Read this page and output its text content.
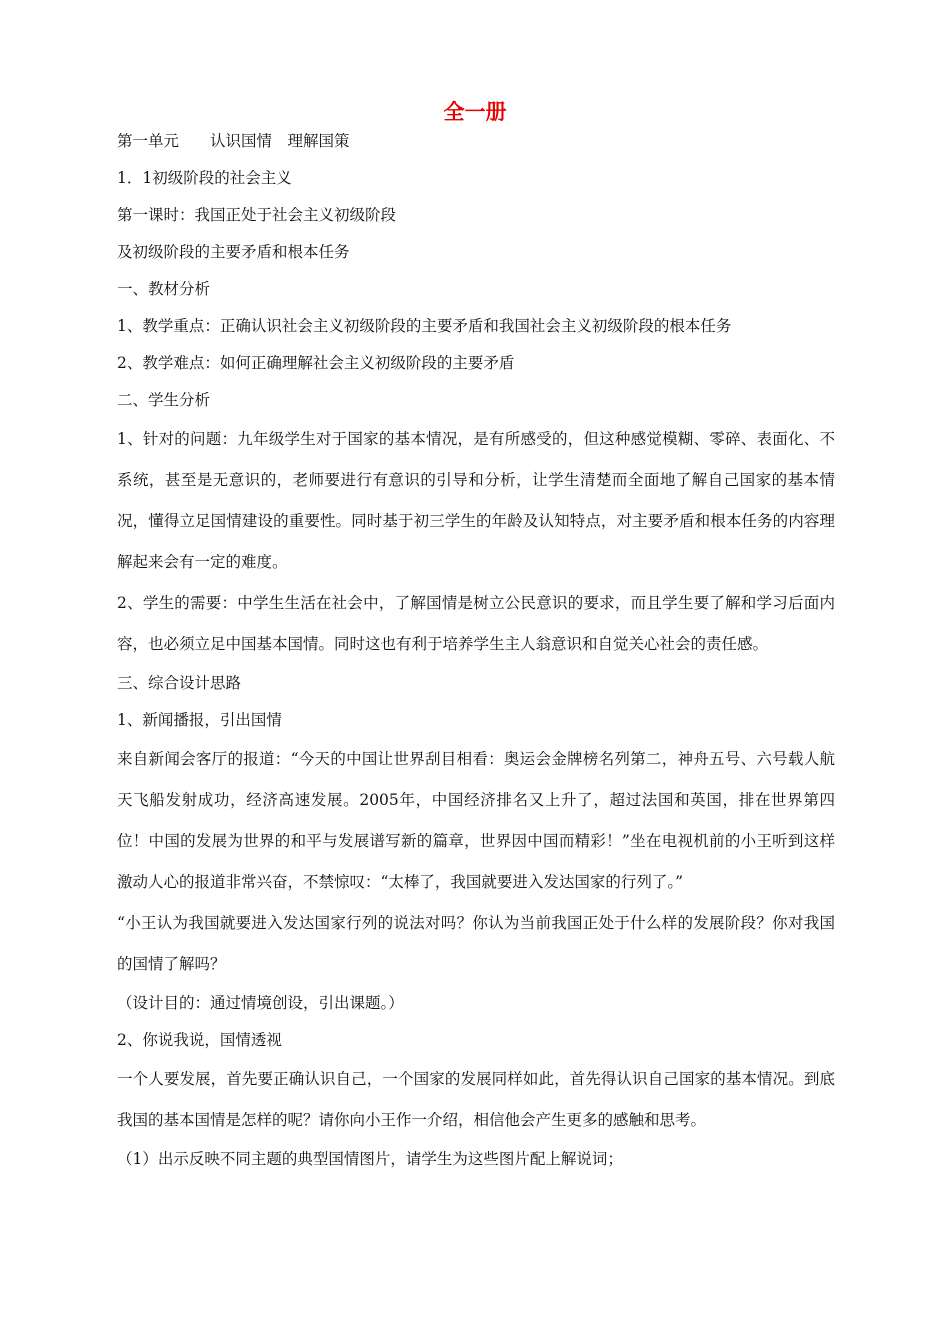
全一册
第一单元　　认识国情　理解国策
1．1初级阶段的社会主义
第一课时：我国正处于社会主义初级阶段
及初级阶段的主要矛盾和根本任务
一、教材分析
1、教学重点：正确认识社会主义初级阶段的主要矛盾和我国社会主义初级阶段的根本任务
2、教学难点：如何正确理解社会主义初级阶段的主要矛盾
二、学生分析
1、针对的问题：九年级学生对于国家的基本情况，是有所感受的，但这种感觉模糊、零碎、表面化、不系统，甚至是无意识的，老师要进行有意识的引导和分析，让学生清楚而全面地了解自己国家的基本情况，懂得立足国情建设的重要性。同时基于初三学生的年龄及认知特点，对主要矛盾和根本任务的内容理解起来会有一定的难度。
2、学生的需要：中学生生活在社会中，了解国情是树立公民意识的要求，而且学生要了解和学习后面内容，也必须立足中国基本国情。同时这也有利于培养学生主人翁意识和自觉关心社会的责任感。
三、综合设计思路
1、新闻播报，引出国情
来自新闻会客厅的报道：“今天的中国让世界刮目相看：奥运会金牌榜名列第二，神舟五号、六号载人航天飞船发射成功，经济高速发展。2005年，中国经济排名又上升了，超过法国和英国，排在世界第四位！中国的发展为世界的和平与发展谱写新的篇章，世界因中国而精彩！”坐在电视机前的小王听到这样激动人心的报道非常兴奋，不禁惊叹：“太棒了，我国就要进入发达国家的行列了。”
“小王认为我国就要进入发达国家行列的说法对吗？你认为当前我国正处于什么样的发展阶段？你对我国的国情了解吗？
（设计目的：通过情境创设，引出课题。）
2、你说我说，国情透视
一个人要发展，首先要正确认识自己，一个国家的发展同样如此，首先得认识自己国家的基本情况。到底我国的基本国情是怎样的呢？请你向小王作一介绍，相信他会产生更多的感触和思考。
（1）出示反映不同主题的典型国情图片，请学生为这些图片配上解说词；
